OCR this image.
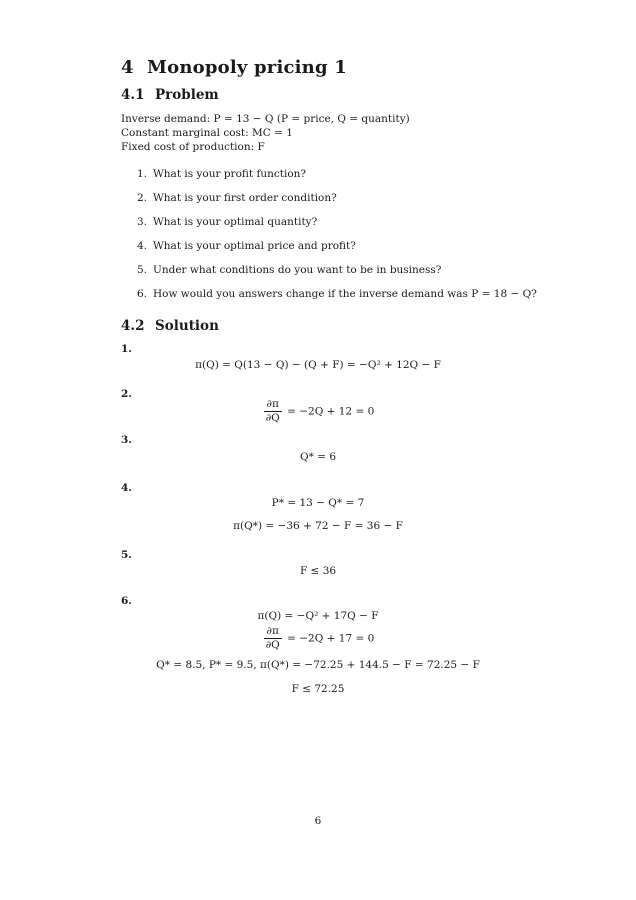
4 Monopoly pricing 1
4.1 Problem

Inverse demand: P = 13 − Q (P = price, Q = quantity)

Constant marginal cost: MC = 1

Fixed cost of production: F

1. What is your profit function?
2. What is your first order condition?
3. What is your optimal quantity?
4. What is your optimal price and profit?
5. Under what conditions do you want to be in business?
6. How would you answers change if the inverse demand was P = 18 − Q?
4.2 Solution

1.

π(Q) = Q(13 − Q) − (Q + F) = −Q² + 12Q − F

2.

$\frac{\partial\pi}{\partial Q} = -2Q + 12 = 0$

3.

Q* = 6

4.

P* = 13 − Q* = 7
π(Q*) = −36 + 72 − F = 36 − F

5.

F ≤ 36

6.

π(Q) = −Q² + 17Q − F
$\frac{\partial\pi}{\partial Q} = -2Q + 17 = 0$
Q* = 8.5, P* = 9.5, π(Q*) = −72.25 + 144.5 − F = 72.25 − F
F ≤ 72.25
6
